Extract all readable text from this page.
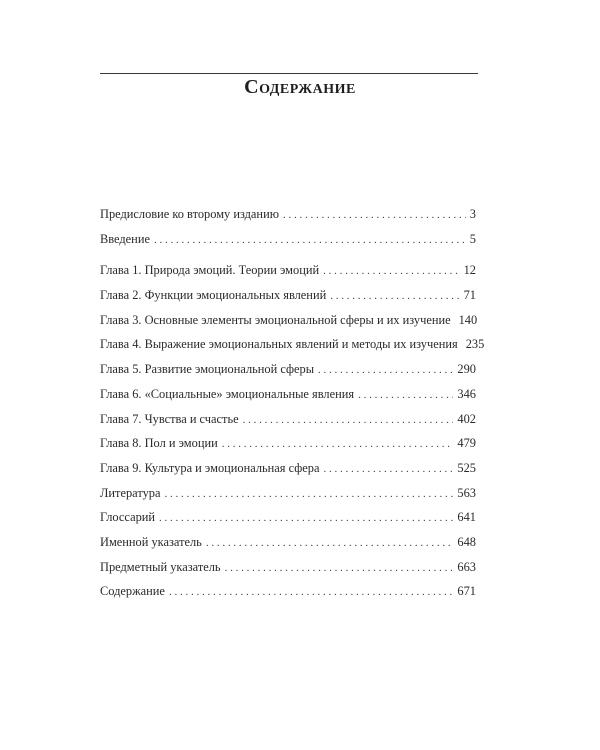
Содержание
Предисловие ко второму изданию . . .	3
Введение . . .	5
Глава 1. Природа эмоций. Теории эмоций . . .	12
Глава 2. Функции эмоциональных явлений . . .	71
Глава 3. Основные элементы эмоциональной сферы и их изучение 140
Глава 4. Выражение эмоциональных явлений и методы их изучения 235
Глава 5. Развитие эмоциональной сферы . . .	290
Глава 6. «Социальные» эмоциональные явления . . .	346
Глава 7. Чувства и счастье . . .	402
Глава 8. Пол и эмоции . . .	479
Глава 9. Культура и эмоциональная сфера . . .	525
Литература . . .	563
Глоссарий . . .	641
Именной указатель . . .	648
Предметный указатель . . .	663
Содержание . . .	671
